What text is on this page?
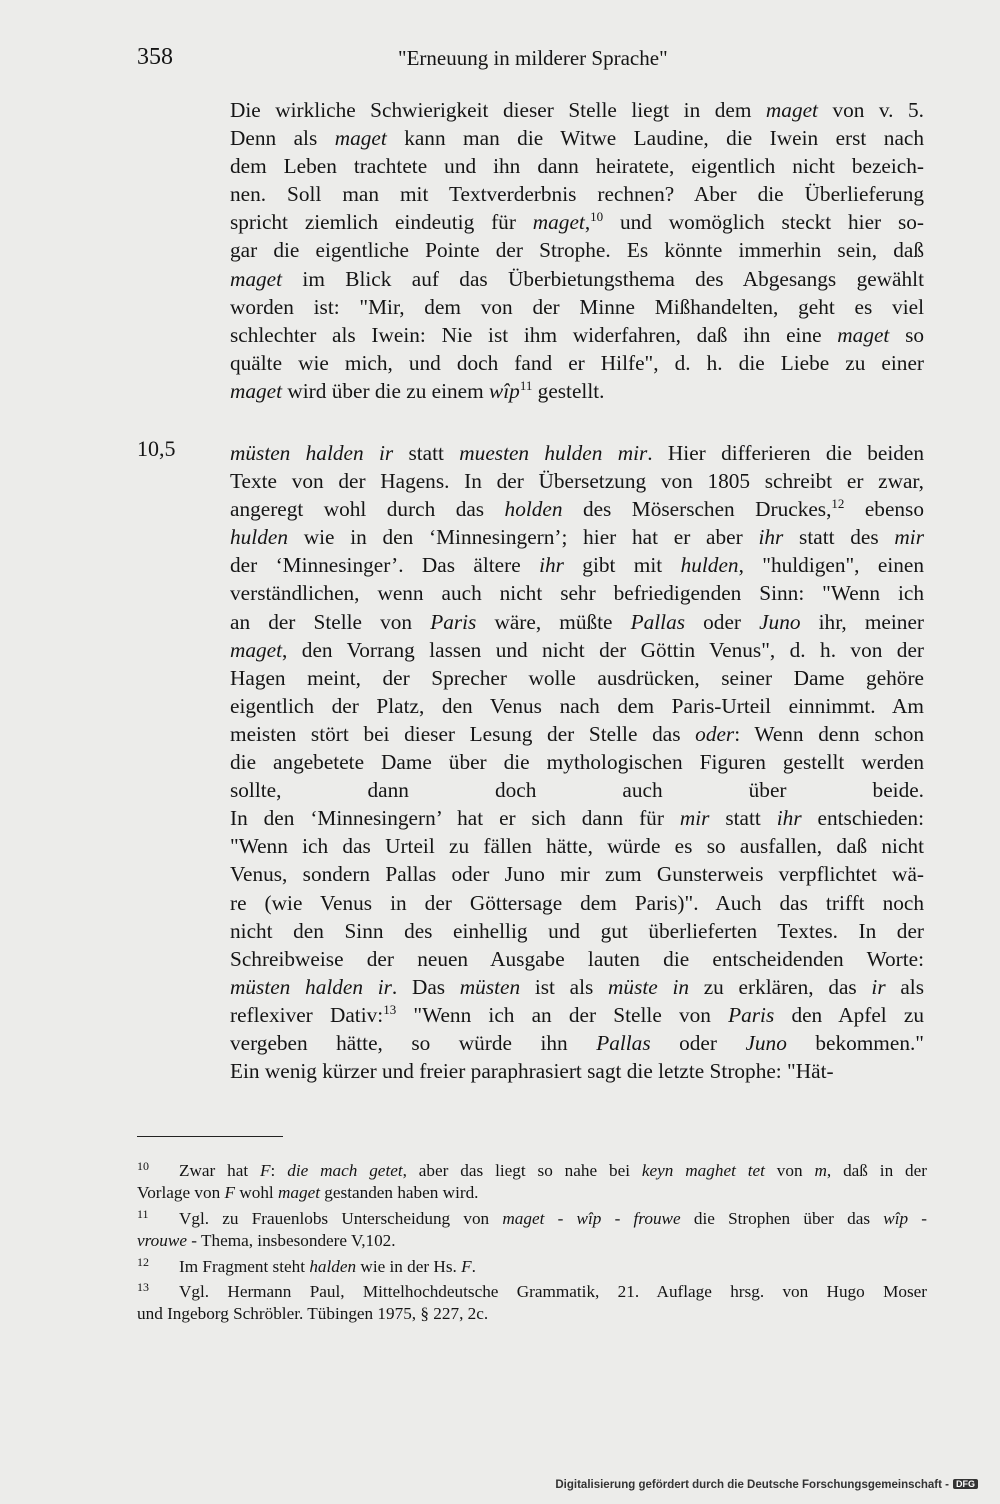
358	"Erneuung in milderer Sprache"
Die wirkliche Schwierigkeit dieser Stelle liegt in dem maget von v. 5.
Denn als maget kann man die Witwe Laudine, die Iwein erst nach
dem Leben trachtete und ihn dann heiratete, eigentlich nicht bezeich-
nen. Soll man mit Textverderbnis rechnen? Aber die Überlieferung
spricht ziemlich eindeutig für maget,$^{10}$ und womöglich steckt hier so-
gar die eigentliche Pointe der Strophe. Es könnte immerhin sein, daß
maget im Blick auf das Überbietungsthema des Abgesangs gewählt
worden ist: "Mir, dem von der Minne Mißhandelten, geht es viel
schlechter als Iwein: Nie ist ihm widerfahren, daß ihn eine maget so
quälte wie mich, und doch fand er Hilfe", d. h. die Liebe zu einer
maget wird über die zu einem wîp$^{11}$ gestellt.
10,5	müsten halden ir statt muesten hulden mir. Hier differieren die beiden
Texte von der Hagens. In der Übersetzung von 1805 schreibt er zwar,
angeregt wohl durch das holden des Möserschen Druckes,$^{12}$ ebenso
hulden wie in den ‘Minnesingern’; hier hat er aber ihr statt des mir
der ‘Minnesinger’. Das ältere ihr gibt mit hulden, "huldigen", einen
verständlichen, wenn auch nicht sehr befriedigenden Sinn: "Wenn ich
an der Stelle von Paris wäre, müßte Pallas oder Juno ihr, meiner
maget, den Vorrang lassen und nicht der Göttin Venus", d. h. von der
Hagen meint, der Sprecher wolle ausdrücken, seiner Dame gehöre
eigentlich der Platz, den Venus nach dem Paris-Urteil einnimmt. Am
meisten stört bei dieser Lesung der Stelle das oder: Wenn denn schon
die angebetete Dame über die mythologischen Figuren gestellt werden
sollte, dann doch auch über beide.
In den ‘Minnesingern’ hat er sich dann für mir statt ihr entschieden:
"Wenn ich das Urteil zu fällen hätte, würde es so ausfallen, daß nicht
Venus, sondern Pallas oder Juno mir zum Gunsterweis verpflichtet wä-
re (wie Venus in der Göttersage dem Paris)". Auch das trifft noch
nicht den Sinn des einhellig und gut überlieferten Textes. In der
Schreibweise der neuen Ausgabe lauten die entscheidenden Worte:
müsten halden ir. Das müsten ist als müste in zu erklären, das ir als
reflexiver Dativ:$^{13}$ "Wenn ich an der Stelle von Paris den Apfel zu
vergeben hätte, so würde ihn Pallas oder Juno bekommen."
Ein wenig kürzer und freier paraphrasiert sagt die letzte Strophe: "Hät-
10 Zwar hat F: die mach getet, aber das liegt so nahe bei keyn maghet tet von m, daß in der
Vorlage von F wohl maget gestanden haben wird.
11 Vgl. zu Frauenlobs Unterscheidung von maget - wîp - frouwe die Strophen über das wîp -
vrouwe - Thema, insbesondere V,102.
12 Im Fragment steht halden wie in der Hs. F.
13 Vgl. Hermann Paul, Mittelhochdeutsche Grammatik, 21. Auflage hrsg. von Hugo Moser
und Ingeborg Schröbler. Tübingen 1975, § 227, 2c.
Digitalisierung gefördert durch die Deutsche Forschungsgemeinschaft - DFG
